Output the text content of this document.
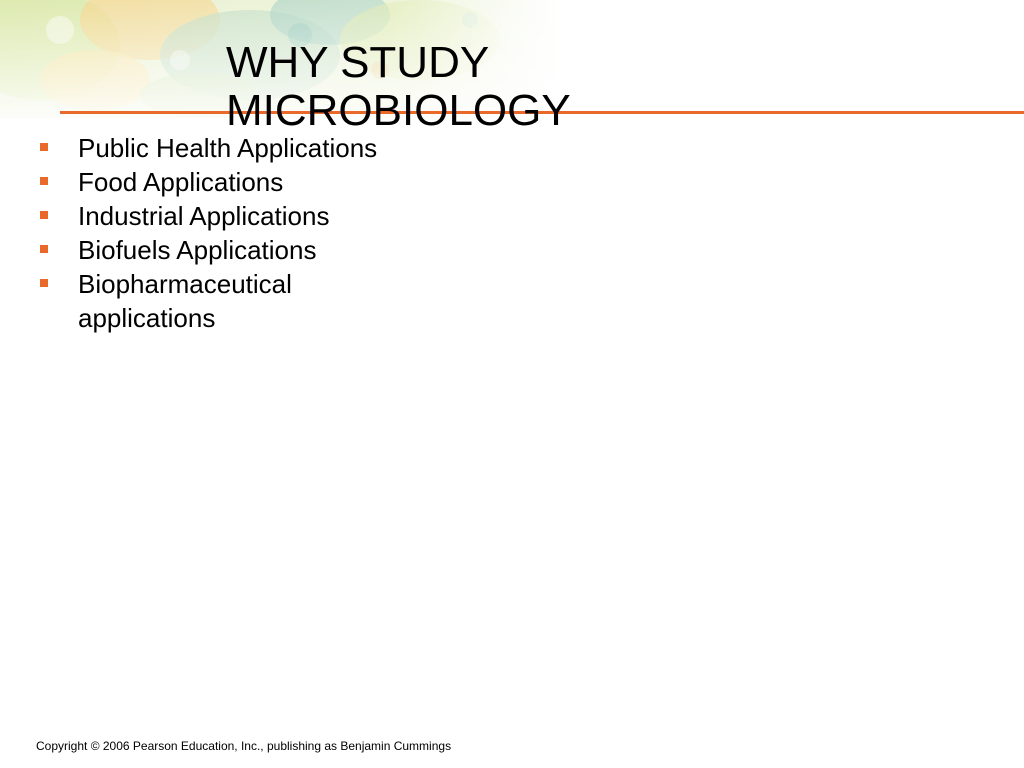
WHY STUDY MICROBIOLOGY
Public Health Applications
Food Applications
Industrial Applications
Biofuels Applications
Biopharmaceutical applications
Copyright © 2006 Pearson Education, Inc., publishing as Benjamin Cummings
